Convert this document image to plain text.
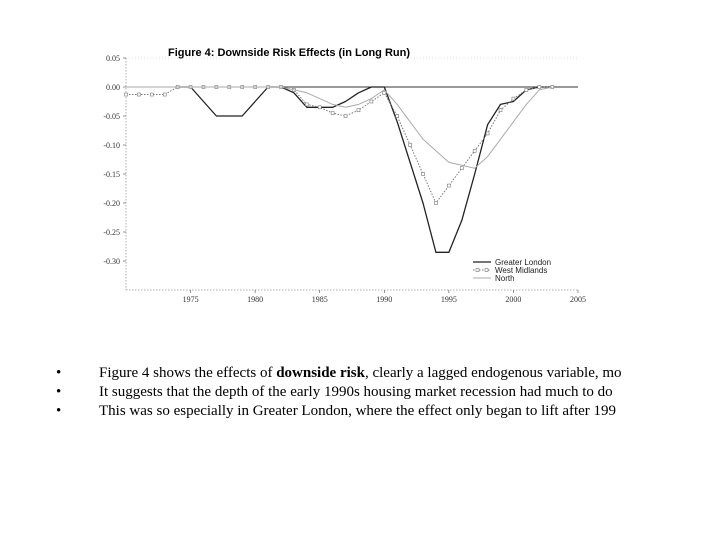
0.05
0.00
-0.05
-0.10
-0.15
-0.20
-0.25
-0.30
1975	1980	1985	1990	1995	2000	2005
Figure 4: Downside Risk Effects (in Long Run)
Greater London
West Midlands
North
•	Figure 4 shows the effects of downside risk, clearly a lagged endogenous variable, mo
•	It suggests that the depth of the early 1990s housing market recession had much to do
•	This was so especially in Greater London, where the effect only began to lift after 199
